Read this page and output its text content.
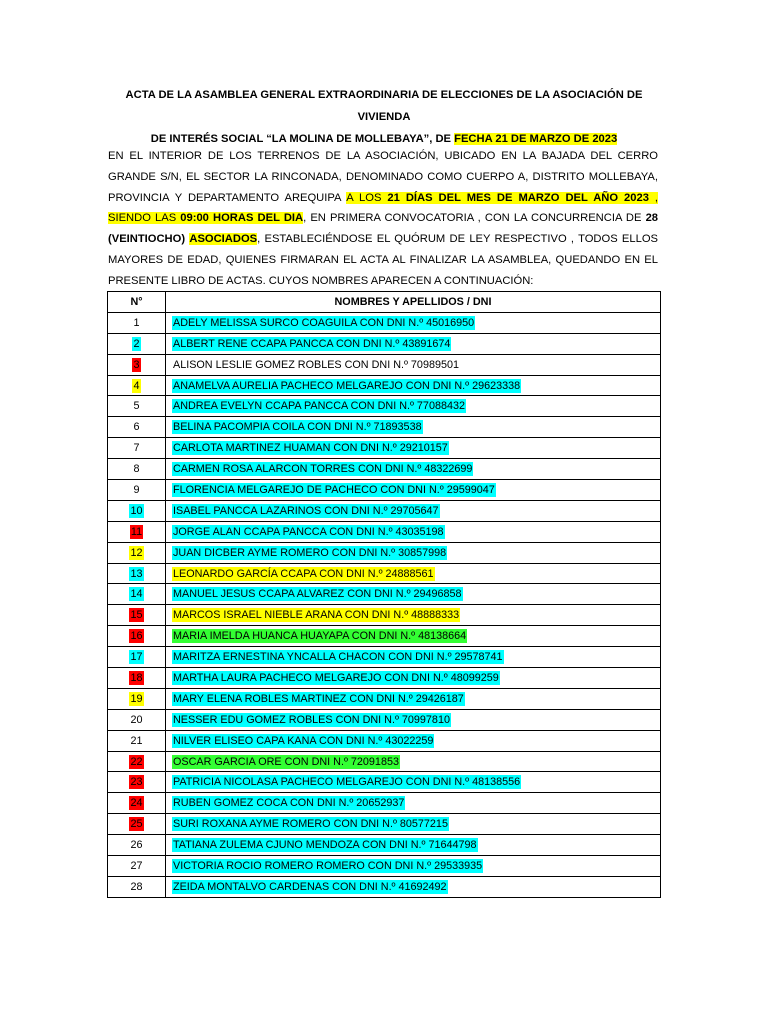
ACTA DE LA ASAMBLEA GENERAL EXTRAORDINARIA DE ELECCIONES DE LA ASOCIACIÓN DE VIVIENDA
DE INTERÉS SOCIAL “LA MOLINA DE MOLLEBAYA”, DE FECHA 21 DE MARZO DE 2023
EN EL INTERIOR DE LOS TERRENOS DE LA ASOCIACIÓN, UBICADO EN LA BAJADA DEL CERRO GRANDE S/N, EL SECTOR LA RINCONADA, DENOMINADO COMO CUERPO A, DISTRITO MOLLEBAYA, PROVINCIA Y DEPARTAMENTO AREQUIPA A LOS 21 DÍAS DEL MES DE MARZO DEL AÑO 2023 , SIENDO LAS 09:00 HORAS DEL DIA, EN PRIMERA CONVOCATORIA , CON LA CONCURRENCIA DE 28 (VEINTIOCHO) ASOCIADOS, ESTABLECIÉNDOSE EL QUÓRUM DE LEY RESPECTIVO , TODOS ELLOS MAYORES DE EDAD, QUIENES FIRMARAN EL ACTA AL FINALIZAR LA ASAMBLEA, QUEDANDO EN EL PRESENTE LIBRO DE ACTAS. CUYOS NOMBRES APARECEN A CONTINUACIÓN:
N°	NOMBRES Y APELLIDOS / DNI
1	ADELY MELISSA SURCO COAGUILA CON DNI N.º 45016950
2	ALBERT RENE CCAPA PANCCA CON DNI N.º 43891674
3	ALISON LESLIE GOMEZ ROBLES CON DNI N.º 70989501
4	ANAMELVA AURELIA PACHECO MELGAREJO CON DNI N.º 29623338
5	ANDREA EVELYN CCAPA PANCCA CON DNI N.º 77088432
6	BELINA PACOMPIA COILA CON DNI N.º 71893538
7	CARLOTA MARTINEZ HUAMAN CON DNI N.º 29210157
8	CARMEN ROSA ALARCON TORRES CON DNI N.º 48322699
9	FLORENCIA MELGAREJO DE PACHECO CON DNI N.º 29599047
10	ISABEL PANCCA LAZARINOS CON DNI N.º 29705647
11	JORGE ALAN CCAPA PANCCA CON DNI N.º 43035198
12	JUAN DICBER AYME ROMERO CON DNI N.º 30857998
13	LEONARDO GARCÍA CCAPA CON DNI N.º 24888561
14	MANUEL JESUS CCAPA ALVAREZ CON DNI N.º 29496858
15	MARCOS ISRAEL NIEBLE ARANA CON DNI N.º 48888333
16	MARIA IMELDA HUANCA HUAYAPA CON DNI N.º 48138664
17	MARITZA ERNESTINA YNCALLA CHACON CON DNI N.º 29578741
18	MARTHA LAURA PACHECO MELGAREJO CON DNI N.º 48099259
19	MARY ELENA ROBLES MARTINEZ CON DNI N.º 29426187
20	NESSER EDU GOMEZ ROBLES CON DNI N.º 70997810
21	NILVER ELISEO CAPA KANA CON DNI N.º 43022259
22	OSCAR GARCIA ORE CON DNI N.º 72091853
23	PATRICIA NICOLASA PACHECO MELGAREJO CON DNI N.º 48138556
24	RUBEN GOMEZ COCA CON DNI N.º 20652937
25	SURI ROXANA AYME ROMERO CON DNI N.º 80577215
26	TATIANA ZULEMA CJUNO MENDOZA CON DNI N.º 71644798
27	VICTORIA ROCIO ROMERO ROMERO CON DNI N.º 29533935
28	ZEIDA MONTALVO CARDENAS CON DNI N.º 41692492
